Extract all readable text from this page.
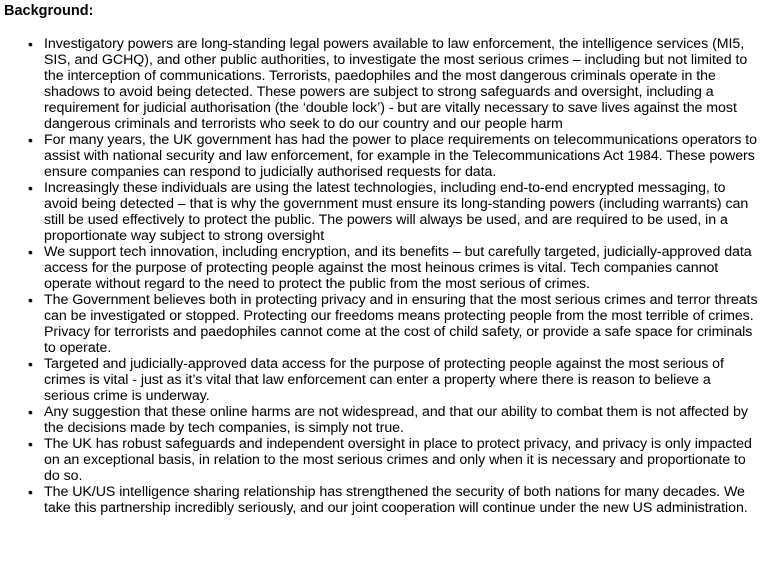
Background:
• Investigatory powers are long-standing legal powers available to law enforcement, the intelligence services (MI5, SIS, and GCHQ), and other public authorities, to investigate the most serious crimes – including but not limited to the interception of communications. Terrorists, paedophiles and the most dangerous criminals operate in the shadows to avoid being detected. These powers are subject to strong safeguards and oversight, including a requirement for judicial authorisation (the ‘double lock’) - but are vitally necessary to save lives against the most dangerous criminals and terrorists who seek to do our country and our people harm
• For many years, the UK government has had the power to place requirements on telecommunications operators to assist with national security and law enforcement, for example in the Telecommunications Act 1984. These powers ensure companies can respond to judicially authorised requests for data.
• Increasingly these individuals are using the latest technologies, including end-to-end encrypted messaging, to avoid being detected – that is why the government must ensure its long-standing powers (including warrants) can still be used effectively to protect the public. The powers will always be used, and are required to be used, in a proportionate way subject to strong oversight
• We support tech innovation, including encryption, and its benefits – but carefully targeted, judicially-approved data access for the purpose of protecting people against the most heinous crimes is vital. Tech companies cannot operate without regard to the need to protect the public from the most serious of crimes.
• The Government believes both in protecting privacy and in ensuring that the most serious crimes and terror threats can be investigated or stopped. Protecting our freedoms means protecting people from the most terrible of crimes. Privacy for terrorists and paedophiles cannot come at the cost of child safety, or provide a safe space for criminals to operate.
• Targeted and judicially-approved data access for the purpose of protecting people against the most serious of crimes is vital - just as it’s vital that law enforcement can enter a property where there is reason to believe a serious crime is underway.
• Any suggestion that these online harms are not widespread, and that our ability to combat them is not affected by the decisions made by tech companies, is simply not true.
• The UK has robust safeguards and independent oversight in place to protect privacy, and privacy is only impacted on an exceptional basis, in relation to the most serious crimes and only when it is necessary and proportionate to do so.
• The UK/US intelligence sharing relationship has strengthened the security of both nations for many decades. We take this partnership incredibly seriously, and our joint cooperation will continue under the new US administration.
